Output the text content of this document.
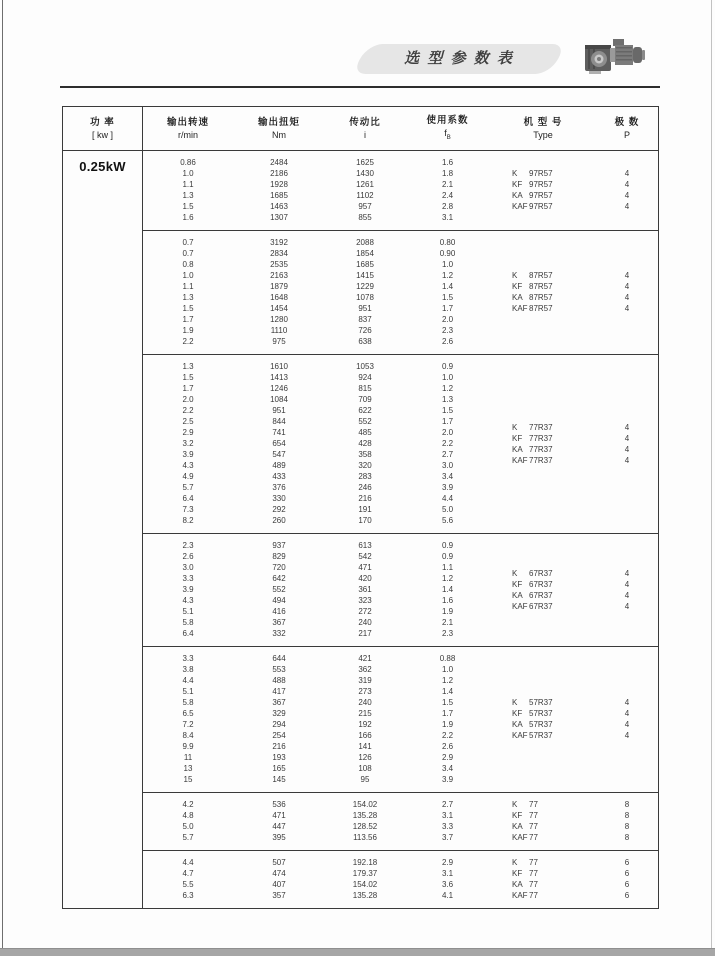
选 型 参 数 表
功 率
[ kw ]
输出转速
r/min
输出扭矩
Nm
传动比
i
使用系数
$f_B$
机 型 号
Type
极 数
P
0.25kW	0.86
1.0
1.1
1.3
1.5
1.6
2484
2186
1928
1685
1463
1307
1625
1430
1261
1102
957
855
1.6
1.8
2.1
2.4
2.8
3.1
K 97R57
KF 97R57
KA 97R57
KAF97R57
4
4
4
4
0.7
0.7
0.8
1.0
1.1
1.3
1.5
1.7
1.9
2.2
3192
2834
2535
2163
1879
1648
1454
1280
1110
975
2088
1854
1685
1415
1229
1078
951
837
726
638
0.80
0.90
1.0
1.2
1.4
1.5
1.7
2.0
2.3
2.6
K 87R57
KF 87R57
KA 87R57
KAF87R57
4
4
4
4
1.3
1.5
1.7
2.0
2.2
2.5
2.9
3.2
3.9
4.3
4.9
5.7
6.4
7.3
8.2
1610
1413
1246
1084
951
844
741
654
547
489
433
376
330
292
260
1053
924
815
709
622
552
485
428
358
320
283
246
216
191
170
0.9
1.0
1.2
1.3
1.5
1.7
2.0
2.2
2.7
3.0
3.4
3.9
4.4
5.0
5.6
K 77R37
KF 77R37
KA 77R37
KAF77R37
4
4
4
4
2.3
2.6
3.0
3.3
3.9
4.3
5.1
5.8
6.4
937
829
720
642
552
494
416
367
332
613
542
471
420
361
323
272
240
217
0.9
0.9
1.1
1.2
1.4
1.6
1.9
2.1
2.3
K 67R37
KF 67R37
KA 67R37
KAF67R37
4
4
4
4
3.3
3.8
4.4
5.1
5.8
6.5
7.2
8.4
9.9
11
13
15
644
553
488
417
367
329
294
254
216
193
165
145
421
362
319
273
240
215
192
166
141
126
108
95
0.88
1.0
1.2
1.4
1.5
1.7
1.9
2.2
2.6
2.9
3.4
3.9
K 57R37
KF 57R37
KA 57R37
KAF57R37
4
4
4
4
4.2
4.8
5.0
5.7
536
471
447
395
154.02
135.28
128.52
113.56
2.7
3.1
3.3
3.7
K 77
KF 77
KA 77
KAF77
8
8
8
8
4.4
4.7
5.5
6.3
507
474
407
357
192.18
179.37
154.02
135.28
2.9
3.1
3.6
4.1
K 77
KF 77
KA 77
KAF77
6
6
6
6
